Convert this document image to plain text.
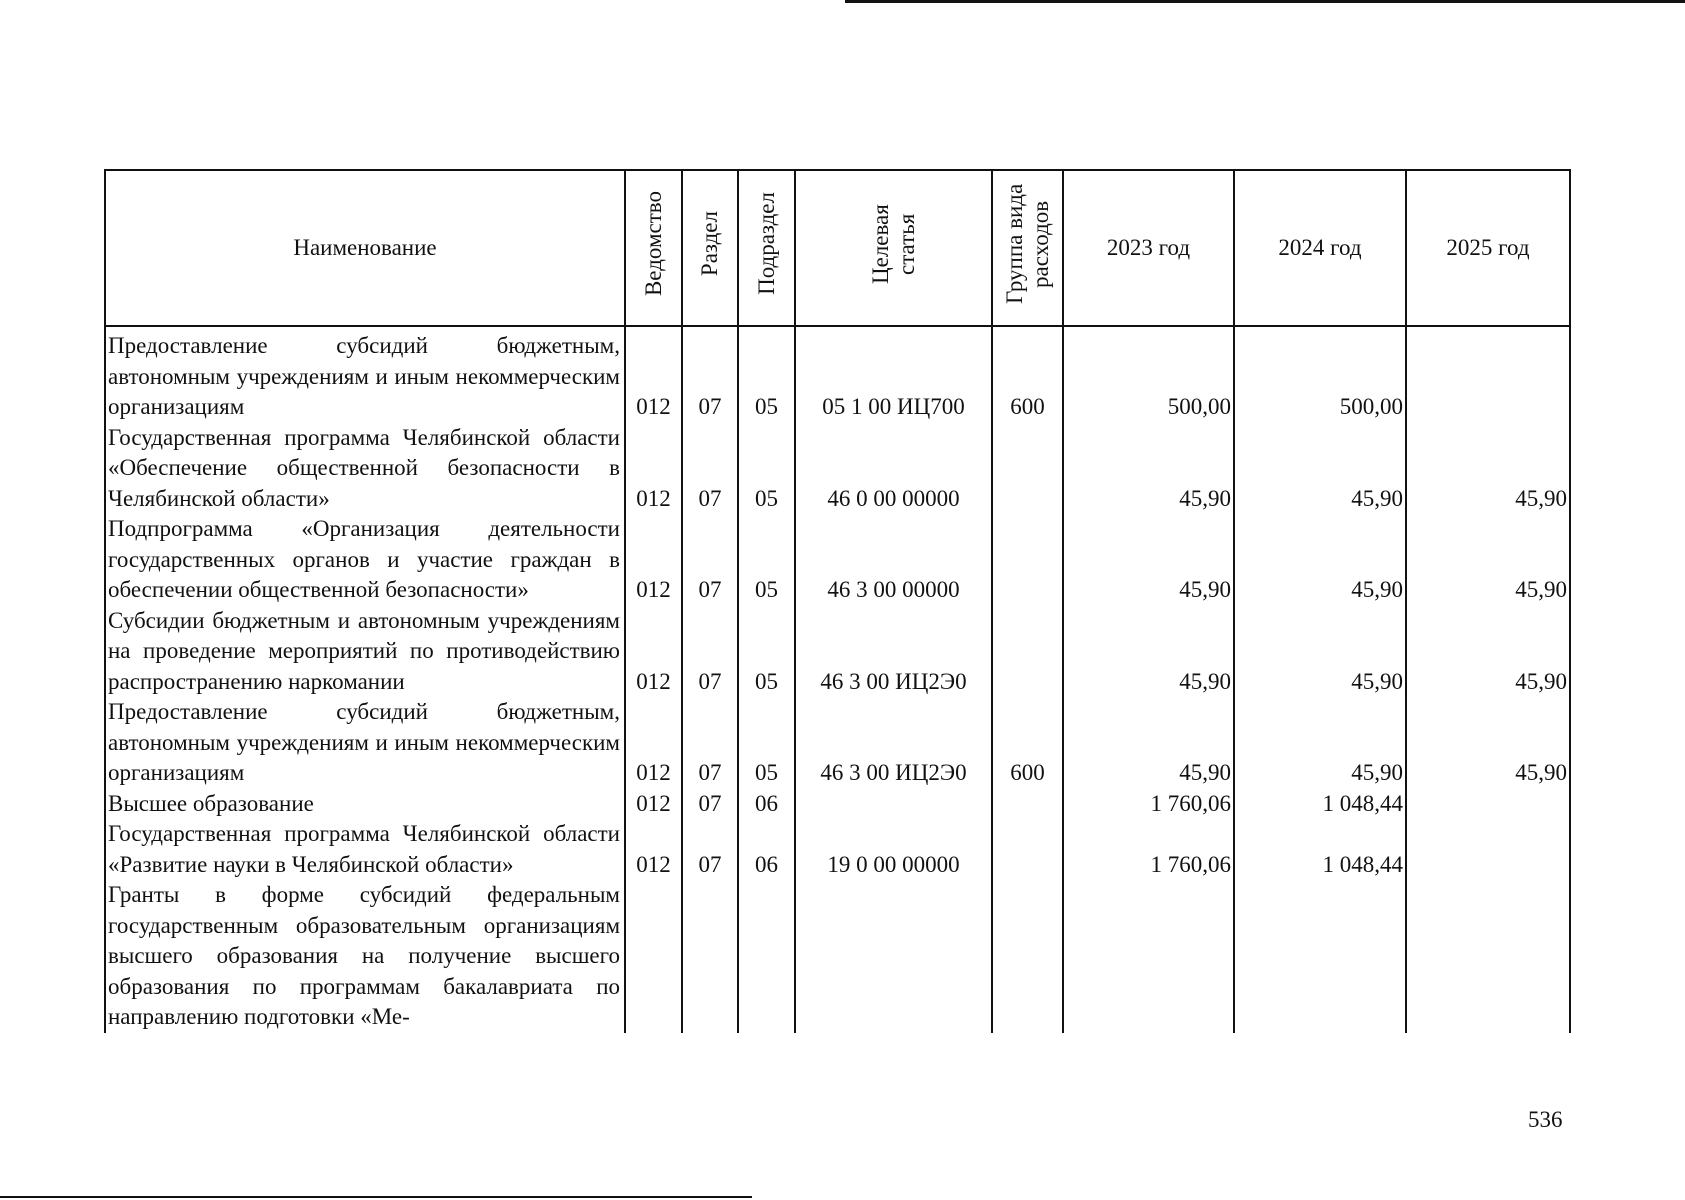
Наименование	Ведомство	Раздел	Подраздел	Целевая статья	Группа вида расходов	2023 год	2024 год	2025 год
Предоставление субсидий бюджетным, автономным учреждениям и иным некоммерческим организациям	012	07	05	05 1 00 ИЦ700	600	500,00	500,00	
Государственная программа Челябинской области «Обеспечение общественной безопасности в Челябинской области»	012	07	05	46 0 00 00000		45,90	45,90	45,90
Подпрограмма «Организация деятельности государственных органов и участие граждан в обеспечении общественной безопасности»	012	07	05	46 3 00 00000		45,90	45,90	45,90
Субсидии бюджетным и автономным учреждениям на проведение мероприятий по противодействию распространению наркомании	012	07	05	46 3 00 ИЦ2Э0		45,90	45,90	45,90
Предоставление субсидий бюджетным, автономным учреждениям и иным некоммерческим организациям	012	07	05	46 3 00 ИЦ2Э0	600	45,90	45,90	45,90
Высшее образование	012	07	06			1 760,06	1 048,44	
Государственная программа Челябинской области «Развитие науки в Челябинской области»	012	07	06	19 0 00 00000		1 760,06	1 048,44	
Гранты в форме субсидий федеральным государственным образовательным организациям высшего образования на получение высшего образования по программам бакалавриата по направлению подготовки «Ме-								
536
